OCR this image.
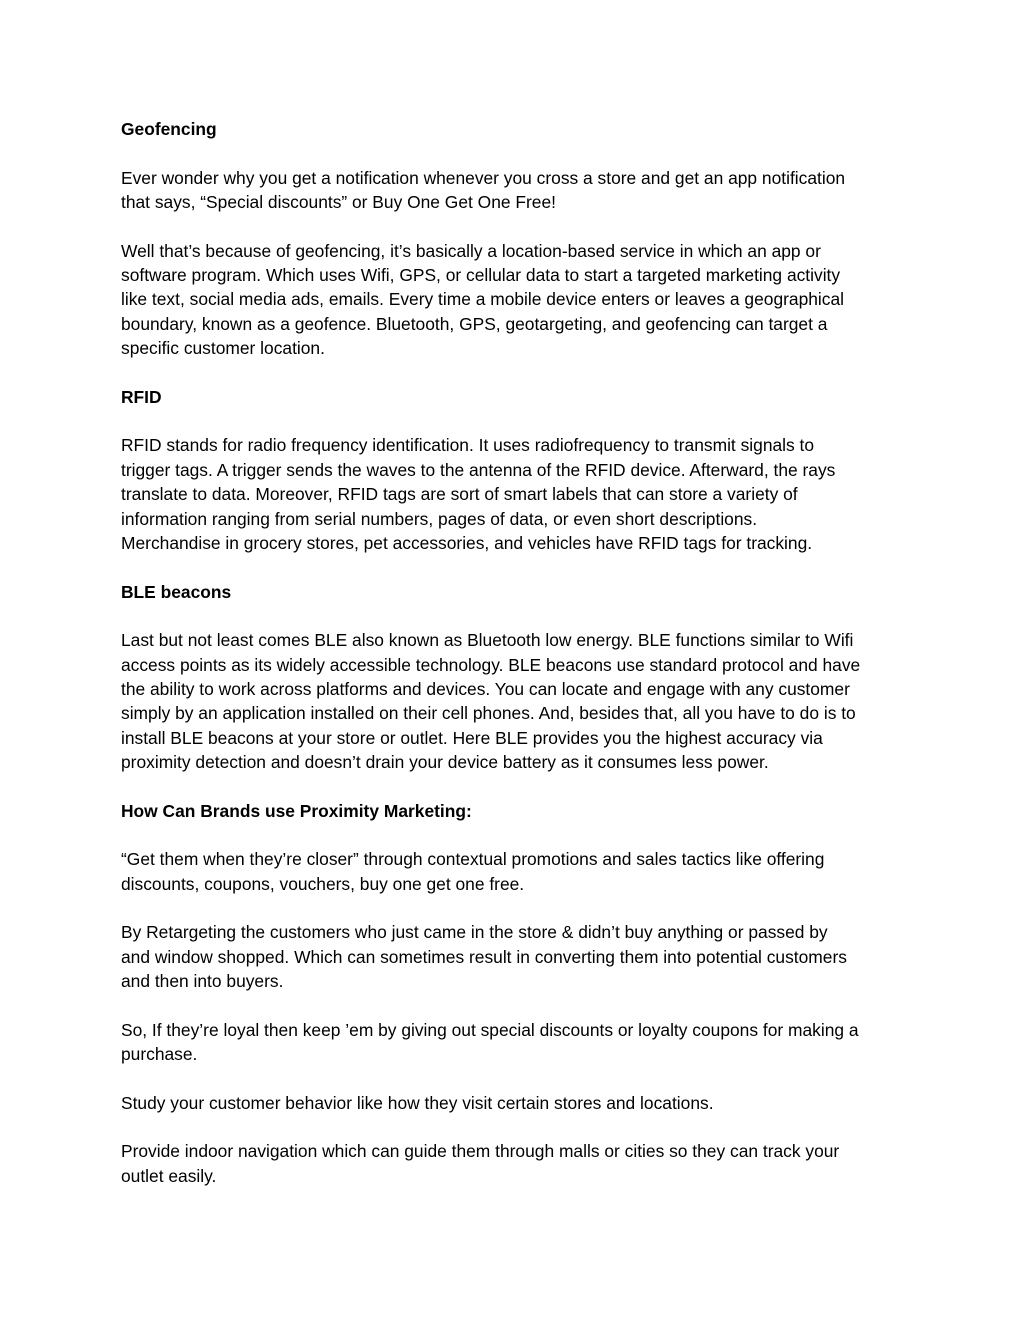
Geofencing

Ever wonder why you get a notification whenever you cross a store and get an app notification
that says, “Special discounts” or Buy One Get One Free!

Well that’s because of geofencing, it’s basically a location-based service in which an app or
software program. Which uses Wifi, GPS, or cellular data to start a targeted marketing activity
like text, social media ads, emails. Every time a mobile device enters or leaves a geographical
boundary, known as a geofence. Bluetooth, GPS, geotargeting, and geofencing can target a
specific customer location.

RFID

RFID stands for radio frequency identification. It uses radiofrequency to transmit signals to
trigger tags. A trigger sends the waves to the antenna of the RFID device. Afterward, the rays
translate to data. Moreover, RFID tags are sort of smart labels that can store a variety of
information ranging from serial numbers, pages of data, or even short descriptions.
Merchandise in grocery stores, pet accessories, and vehicles have RFID tags for tracking.

BLE beacons

Last but not least comes BLE also known as Bluetooth low energy. BLE functions similar to Wifi
access points as its widely accessible technology. BLE beacons use standard protocol and have
the ability to work across platforms and devices. You can locate and engage with any customer
simply by an application installed on their cell phones. And, besides that, all you have to do is to
install BLE beacons at your store or outlet. Here BLE provides you the highest accuracy via
proximity detection and doesn’t drain your device battery as it consumes less power.

How Can Brands use Proximity Marketing:

“Get them when they’re closer” through contextual promotions and sales tactics like offering
discounts, coupons, vouchers, buy one get one free.

By Retargeting the customers who just came in the store & didn’t buy anything or passed by
and window shopped. Which can sometimes result in converting them into potential customers
and then into buyers.

So, If they’re loyal then keep ’em by giving out special discounts or loyalty coupons for making a
purchase.

Study your customer behavior like how they visit certain stores and locations.

Provide indoor navigation which can guide them through malls or cities so they can track your
outlet easily.
